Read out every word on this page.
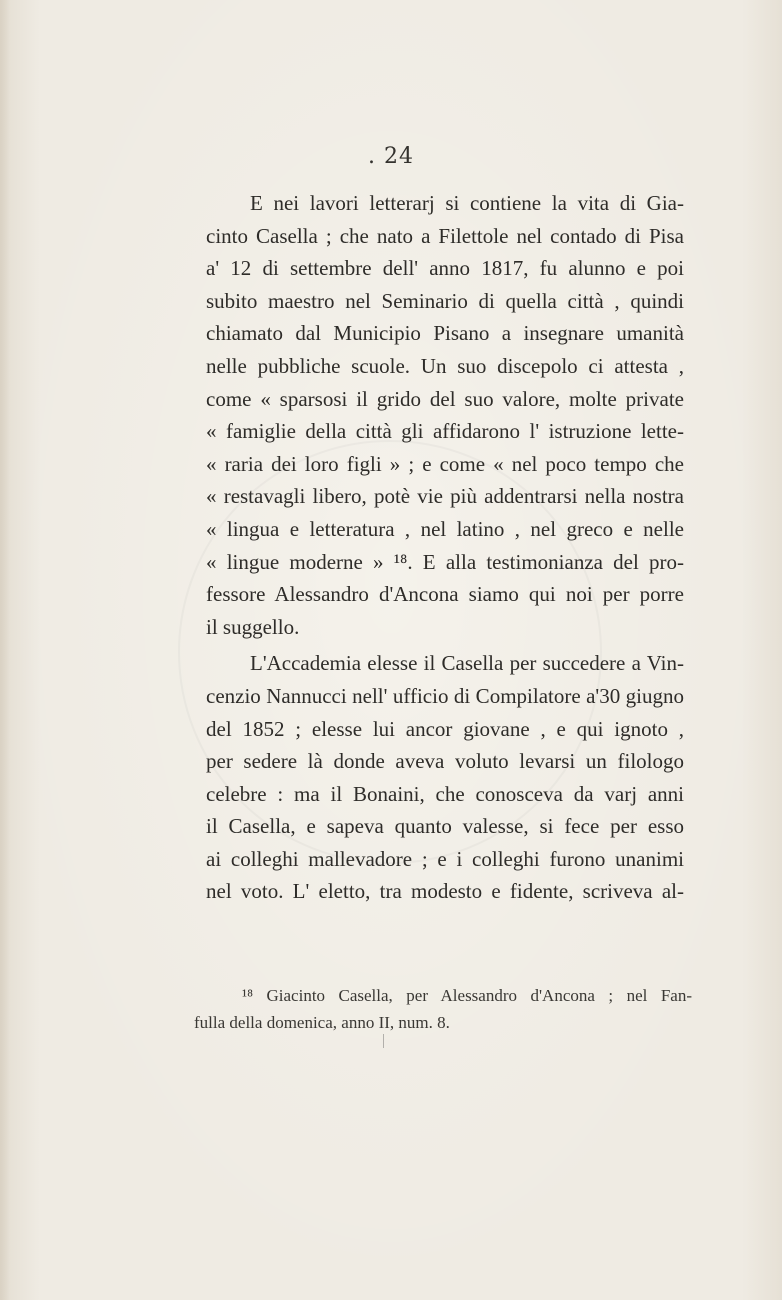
. 24
E nei lavori letterarj si contiene la vita di Gia-
cinto Casella ; che nato a Filettole nel contado di Pisa
a' 12 di settembre dell' anno 1817, fu alunno e poi
subito maestro nel Seminario di quella città , quindi
chiamato dal Municipio Pisano a insegnare umanità
nelle pubbliche scuole. Un suo discepolo ci attesta ,
come « sparsosi il grido del suo valore, molte private
« famiglie della città gli affidarono l' istruzione lette-
« raria dei loro figli » ; e come « nel poco tempo che
« restavagli libero, potè vie più addentrarsi nella nostra
« lingua e letteratura , nel latino , nel greco e nelle
« lingue moderne » ¹⁸. E alla testimonianza del pro-
fessore Alessandro d'Ancona siamo qui noi per porre
il suggello.
L'Accademia elesse il Casella per succedere a Vin-
cenzio Nannucci nell' ufficio di Compilatore a'30 giugno
del 1852 ; elesse lui ancor giovane , e qui ignoto ,
per sedere là donde aveva voluto levarsi un filologo
celebre : ma il Bonaini, che conosceva da varj anni
il Casella, e sapeva quanto valesse, si fece per esso
ai colleghi mallevadore ; e i colleghi furono unanimi
nel voto. L' eletto, tra modesto e fidente, scriveva al-
¹⁸ Giacinto Casella, per Alessandro d'Ancona ; nel Fan-
fulla della domenica, anno II, num. 8.
